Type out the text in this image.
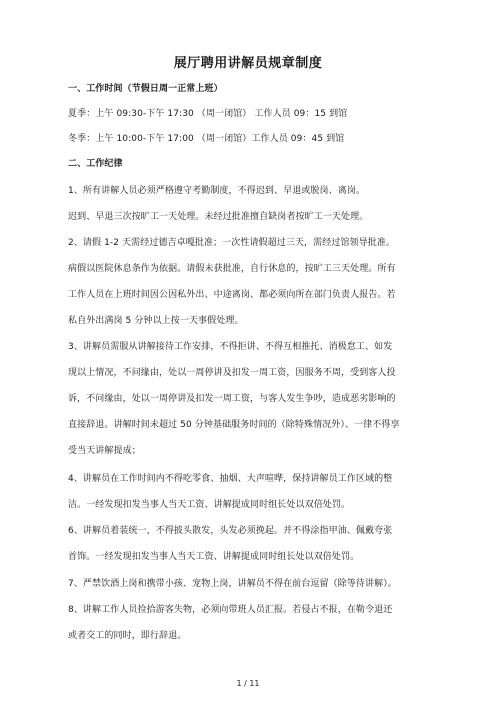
展厅聘用讲解员规章制度
一、工作时间（节假日周一正常上班）
夏季：上午 09:30-下午 17:30 （周一闭馆） 工作人员 09：15 到馆
冬季：上午 10:00-下午 17:00 （周一闭馆）工作人员 09：45 到馆
二、工作纪律
1、所有讲解人员必须严格遵守考勤制度，不得迟到、早退或脱岗、离岗。
迟到、早退三次按旷工一天处理。未经过批准擅自缺岗者按旷工一天处理。
2、请假 1-2 天需经过德吉卓嘎批准；一次性请假超过三天，需经过馆领导批准。
病假以医院休息条作为依据。请假未获批准，自行休息的，按旷工三天处理。所有
工作人员在上班时间因公因私外出、中途离岗、都必须向所在部门负责人报告。若
私自外出满岗 5 分钟以上按一天事假处理。
3、讲解员需服从讲解接待工作安排，不得拒讲、不得互相推托、消极怠工、如发
现以上情况，不问缘由，处以一周停讲及扣发一周工资，因服务不周，受到客人投
诉，不问缘由，处以一周停讲及扣发一周工资，与客人发生争吵，造成恶劣影响的
直接辞退。讲解时间未超过 50 分钟基础服务时间的（除特殊情况外）、一律不得享
受当天讲解提成；
4、讲解员在工作时间内不得吃零食、抽烟、大声喧哗，保持讲解员工作区域的整
洁。一经发现扣发当事人当天工资、讲解提成同时组长处以双倍处罚。
6、讲解员着装统一，不得披头散发，头发必须挽起。并不得涂指甲油、佩戴夸张
首饰。一经发现扣发当事人当天工资、讲解提成同时组长处以双倍处罚。
7、严禁饮酒上岗和携带小孩、宠物上岗，讲解员不得在前台逗留（除等待讲解）。
8、讲解工作人员捡拾游客失物，必须向带班人员汇报。若侵占不报，在勒令退还
或者交工的同时，即行辞退。
1 / 11
